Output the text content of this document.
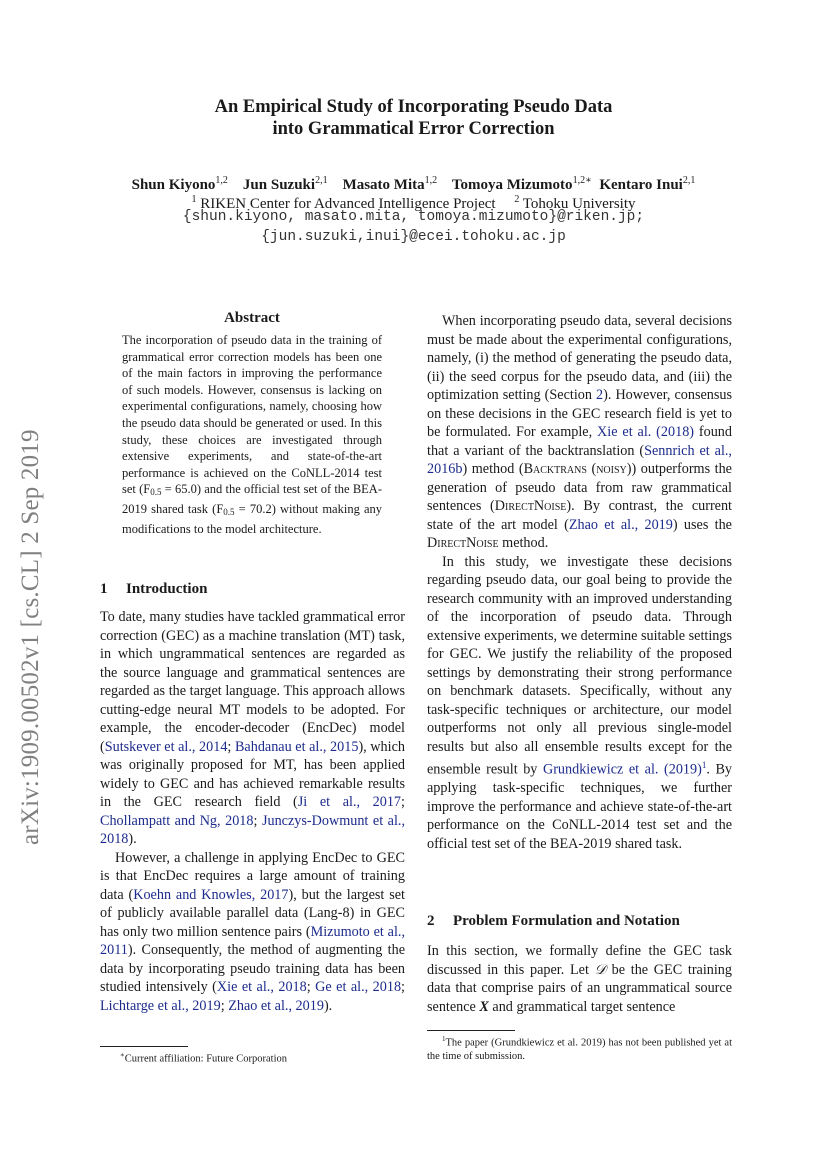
An Empirical Study of Incorporating Pseudo Data
into Grammatical Error Correction
Shun Kiyono$^{1,2}$ Jun Suzuki$^{2,1}$ Masato Mita$^{1,2}$ Tomoya Mizumoto$^{1,2∗}$ Kentaro Inui$^{2,1}$
$^1$ RIKEN Center for Advanced Intelligence Project $^2$ Tohoku University
{shun.kiyono, masato.mita, tomoya.mizumoto}@riken.jp;
{jun.suzuki,inui}@ecei.tohoku.ac.jp
arXiv:1909.00502v1 [cs.CL] 2 Sep 2019
Abstract
The incorporation of pseudo data in the training of grammatical error correction models has been one of the main factors in improving the performance of such models. However, consensus is lacking on experimental configurations, namely, choosing how the pseudo data should be generated or used. In this study, these choices are investigated through extensive experiments, and state-of-the-art performance is achieved on the CoNLL-2014 test set $(F_{0.5} = 65.0)$ and the official test set of the BEA-2019 shared task $(F_{0.5} = 70.2)$ without making any modifications to the model architecture.
1 Introduction

To date, many studies have tackled grammatical error correction (GEC) as a machine translation (MT) task, in which ungrammatical sentences are regarded as the source language and grammatical sentences are regarded as the target language. This approach allows cutting-edge neural MT models to be adopted. For example, the encoder-decoder (EncDec) model (Sutskever et al., 2014; Bahdanau et al., 2015), which was originally proposed for MT, has been applied widely to GEC and has achieved remarkable results in the GEC research field (Ji et al., 2017; Chollampatt and Ng, 2018; Junczys-Dowmunt et al., 2018).

However, a challenge in applying EncDec to GEC is that EncDec requires a large amount of training data (Koehn and Knowles, 2017), but the largest set of publicly available parallel data (Lang-8) in GEC has only two million sentence pairs (Mizumoto et al., 2011). Consequently, the method of augmenting the data by incorporating pseudo training data has been studied intensively (Xie et al., 2018; Ge et al., 2018; Lichtarge et al., 2019; Zhao et al., 2019).

∗Current affiliation: Future Corporation

When incorporating pseudo data, several decisions must be made about the experimental configurations, namely, (i) the method of generating the pseudo data, (ii) the seed corpus for the pseudo data, and (iii) the optimization setting (Section 2). However, consensus on these decisions in the GEC research field is yet to be formulated. For example, Xie et al. (2018) found that a variant of the backtranslation (Sennrich et al., 2016b) method (Backtrans (noisy)) outperforms the generation of pseudo data from raw grammatical sentences (DirectNoise). By contrast, the current state of the art model (Zhao et al., 2019) uses the DirectNoise method.

In this study, we investigate these decisions regarding pseudo data, our goal being to provide the research community with an improved understanding of the incorporation of pseudo data. Through extensive experiments, we determine suitable settings for GEC. We justify the reliability of the proposed settings by demonstrating their strong performance on benchmark datasets. Specifically, without any task-specific techniques or architecture, our model outperforms not only all previous single-model results but also all ensemble results except for the ensemble result by Grundkiewicz et al. (2019)$^1$. By applying task-specific techniques, we further improve the performance and achieve state-of-the-art performance on the CoNLL-2014 test set and the official test set of the BEA-2019 shared task.

2 Problem Formulation and Notation

In this section, we formally define the GEC task discussed in this paper. Let 𝒟 be the GEC training data that comprise pairs of an ungrammatical source sentence X and grammatical target sentence

$^1$The paper (Grundkiewicz et al. 2019) has not been published yet at the time of submission.
